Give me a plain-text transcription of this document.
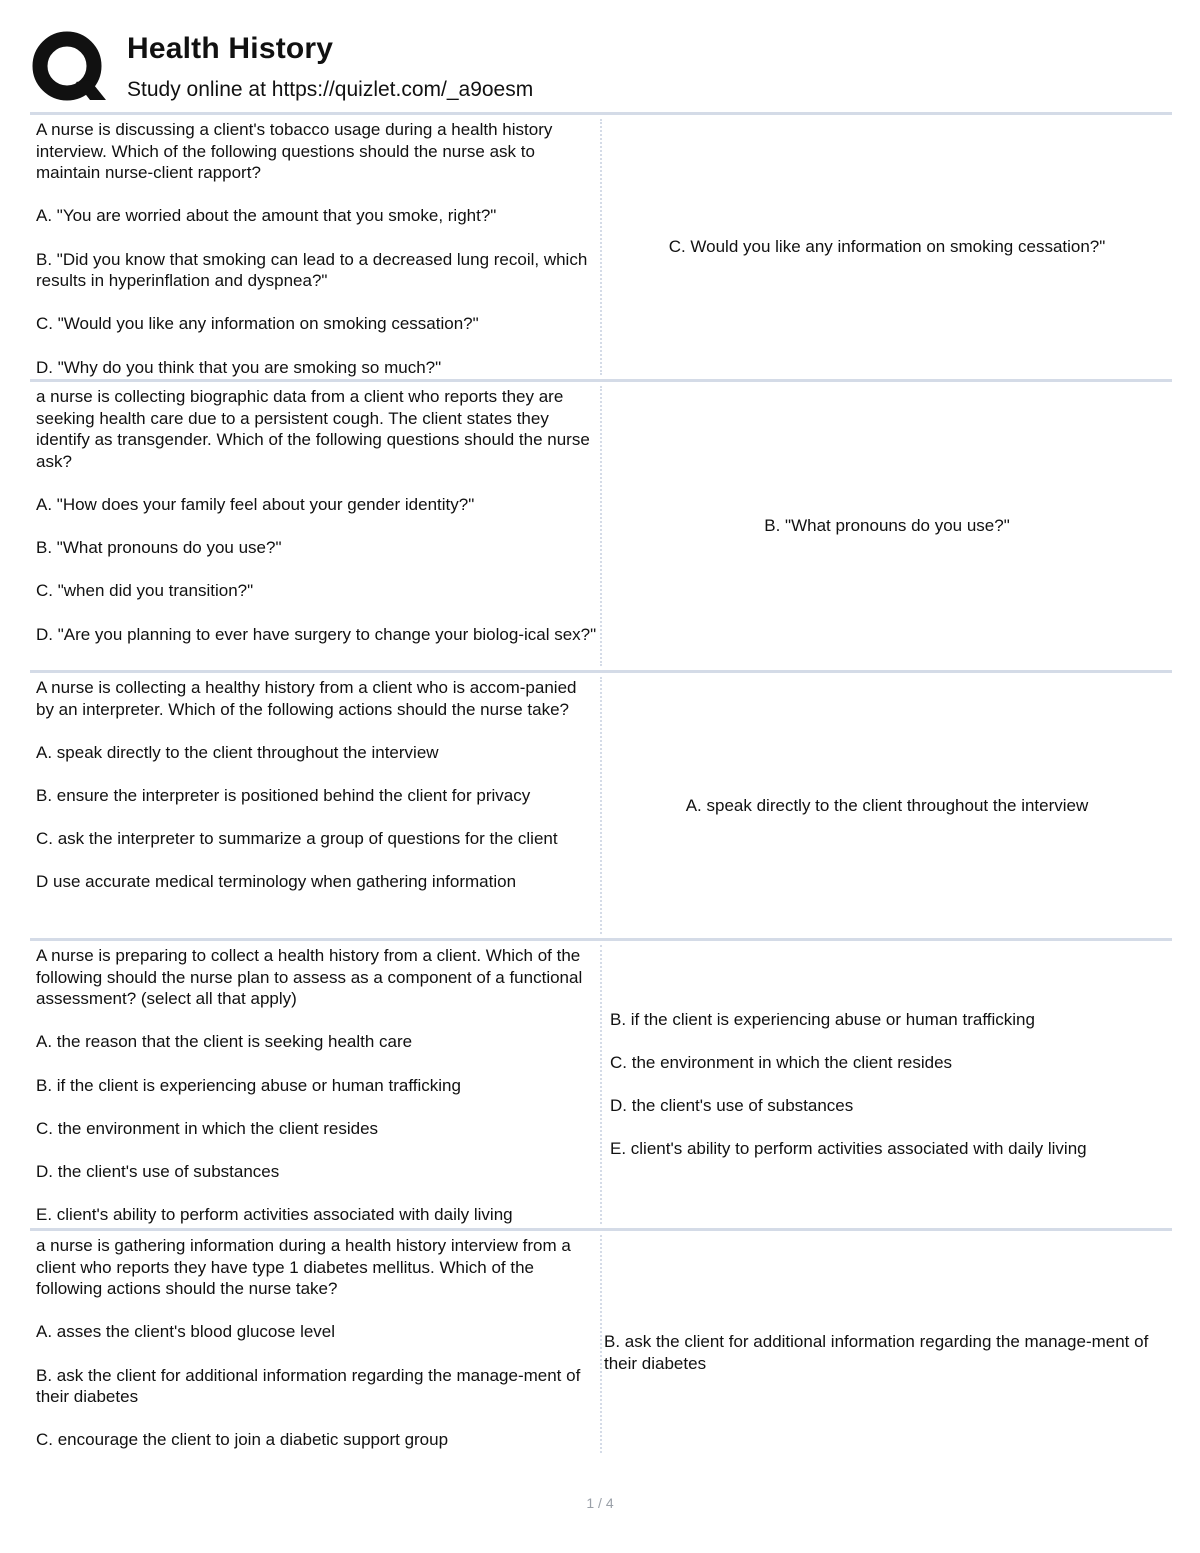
Health History
Study online at https://quizlet.com/_a9oesm

A nurse is discussing a client's tobacco usage during a health history interview. Which of the following questions should the nurse ask to maintain nurse-client rapport?

A. "You are worried about the amount that you smoke, right?"

B. "Did you know that smoking can lead to a decreased lung recoil, which results in hyperinflation and dyspnea?"

C. "Would you like any information on smoking cessation?"

D. "Why do you think that you are smoking so much?"

C. Would you like any information on smoking cessation?"

a nurse is collecting biographic data from a client who reports they are seeking health care due to a persistent cough. The client states they identify as transgender. Which of the following questions should the nurse ask?

A. "How does your family feel about your gender identity?"

B. "What pronouns do you use?"

C. "when did you transition?"

D. "Are you planning to ever have surgery to change your biolog-ical sex?"

B. "What pronouns do you use?"

A nurse is collecting a healthy history from a client who is accom-panied by an interpreter. Which of the following actions should the nurse take?

A. speak directly to the client throughout the interview

B. ensure the interpreter is positioned behind the client for privacy

C. ask the interpreter to summarize a group of questions for the client

D use accurate medical terminology when gathering information

A. speak directly to the client throughout the interview

A nurse is preparing to collect a health history from a client. Which of the following should the nurse plan to assess as a component of a functional assessment? (select all that apply)

A. the reason that the client is seeking health care

B. if the client is experiencing abuse or human trafficking

C. the environment in which the client resides

D. the client's use of substances

E. client's ability to perform activities associated with daily living

B. if the client is experiencing abuse or human trafficking

C. the environment in which the client resides

D. the client's use of substances

E. client's ability to perform activities associated with daily living

a nurse is gathering information during a health history interview from a client who reports they have type 1 diabetes mellitus. Which of the following actions should the nurse take?

A. asses the client's blood glucose level

B. ask the client for additional information regarding the manage-ment of their diabetes

C. encourage the client to join a diabetic support group

B. ask the client for additional information regarding the manage-ment of their diabetes

1 / 4
